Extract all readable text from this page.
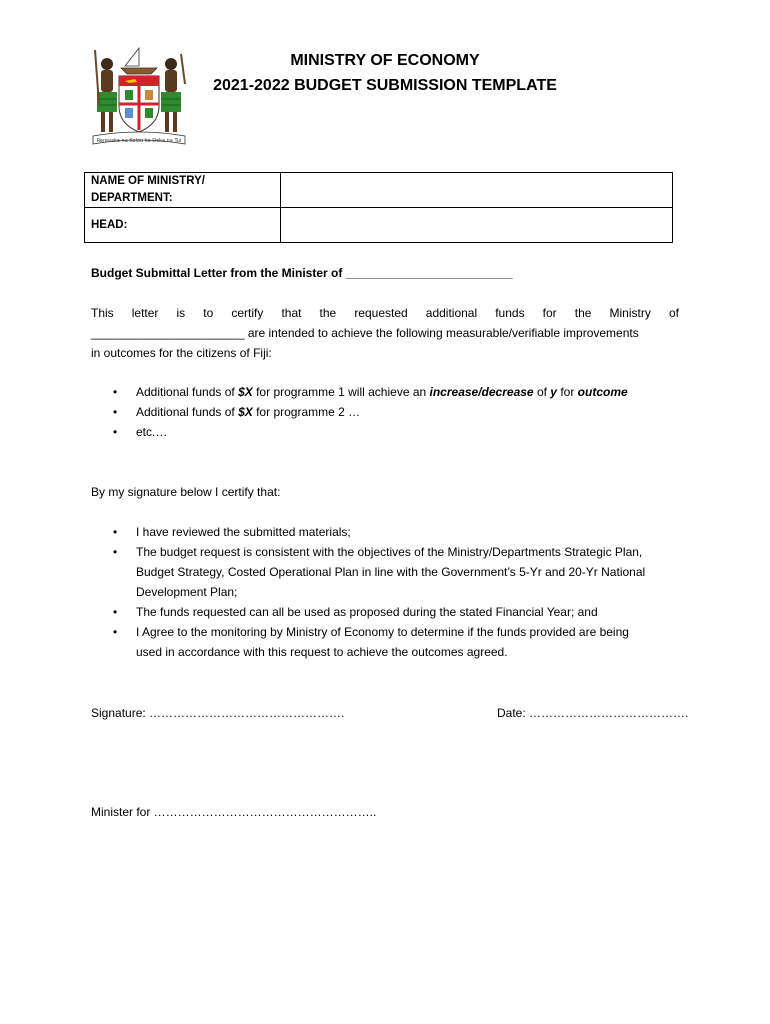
Rerevaka na Kalou ka Doka na Tui
MINISTRY OF ECONOMY
2021-2022 BUDGET SUBMISSION TEMPLATE
NAME OF MINISTRY/ DEPARTMENT:	
HEAD:	
Budget Submittal Letter from the Minister of _________________________
This letter is to certify that the requested additional funds for the Ministry of
_______________________ are intended to achieve the following measurable/verifiable improvements
in outcomes for the citizens of Fiji:
• Additional funds of $X for programme 1 will achieve an increase/decrease of y for outcome
• Additional funds of $X for programme 2 …
• etc.…
By my signature below I certify that:
• I have reviewed the submitted materials;
• The budget request is consistent with the objectives of the Ministry/Departments Strategic Plan,
Budget Strategy, Costed Operational Plan in line with the Government’s 5-Yr and 20-Yr National
Development Plan;
• The funds requested can all be used as proposed during the stated Financial Year; and
• I Agree to the monitoring by Ministry of Economy to determine if the funds provided are being
used in accordance with this request to achieve the outcomes agreed.
Signature: ………………………………………….	Date: ………………………………….
Minister for ………………………………………………..
